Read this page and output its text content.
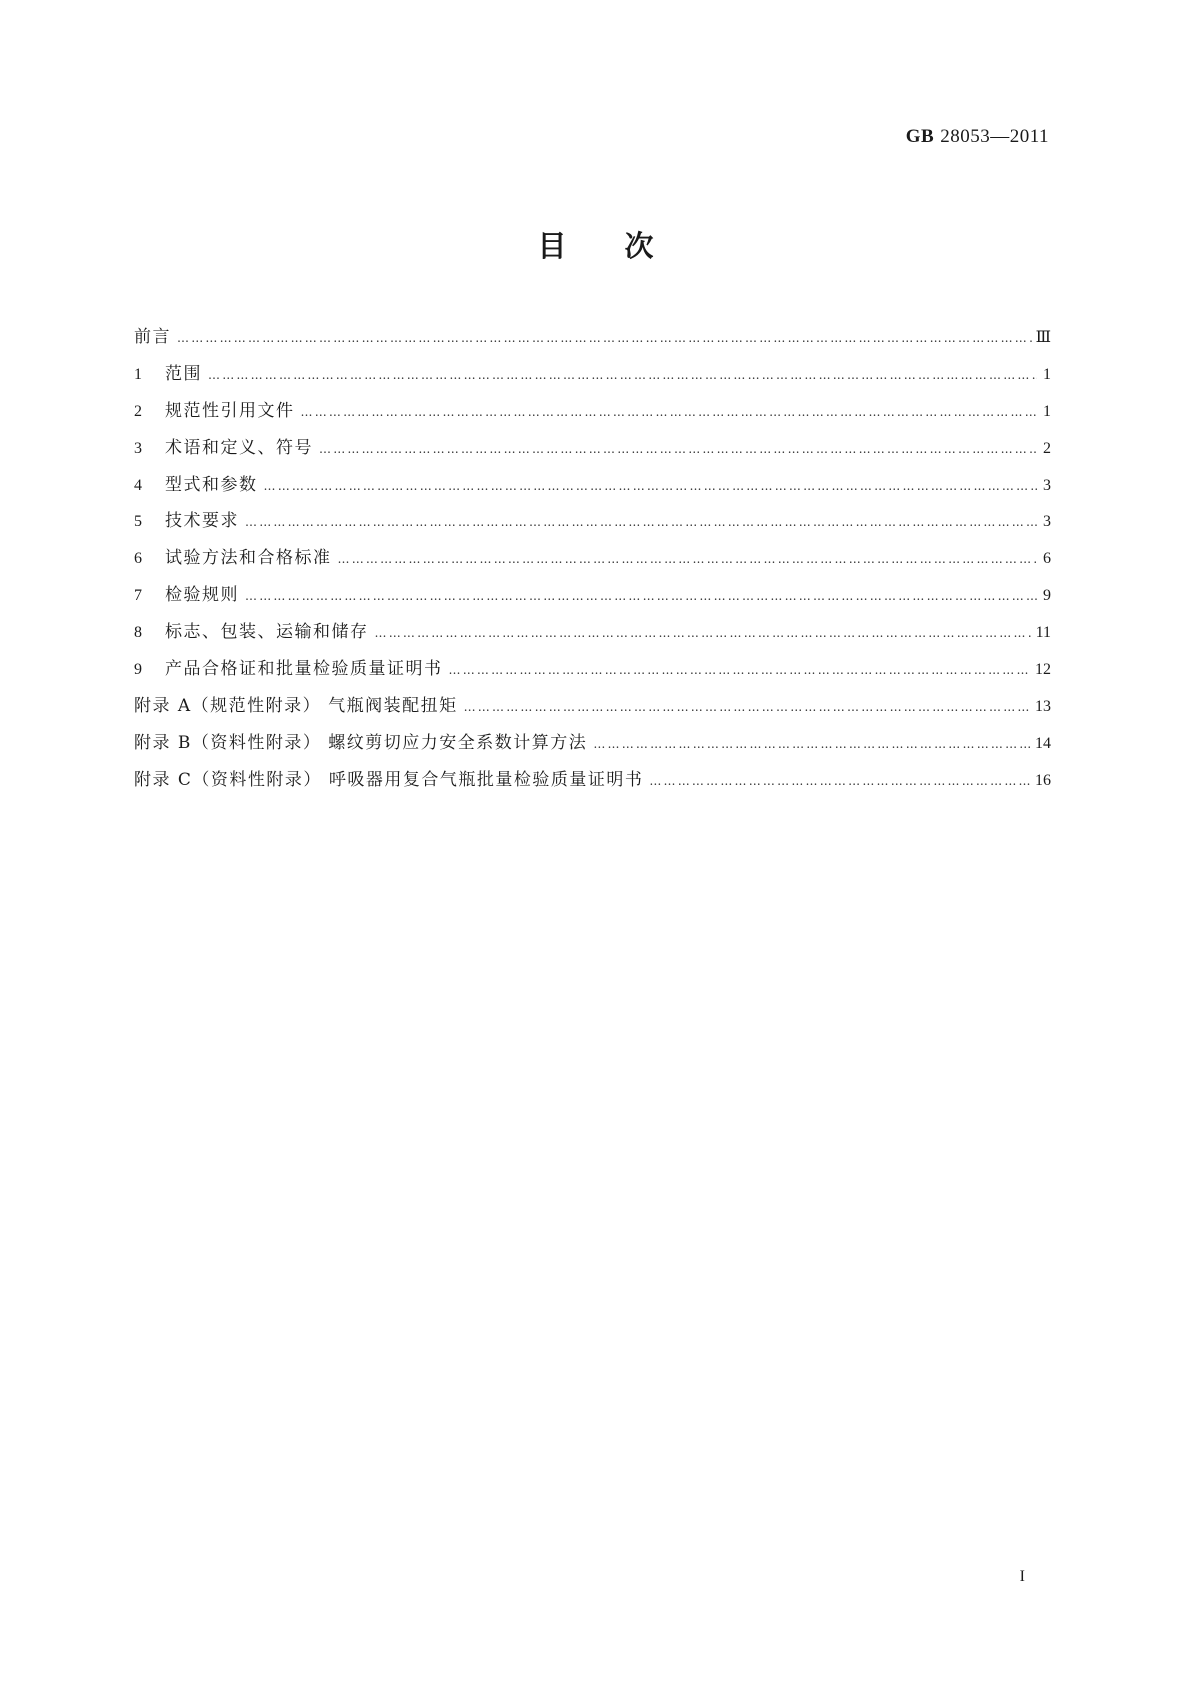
GB 28053—2011
目次
前言 …………………………………………………………………………………………………………………………………………………………………………………………………………………………………	Ⅲ
1	范围 …………………………………………………………………………………………………………………………………………………………………………………………………………………………………	1
2	规范性引用文件 …………………………………………………………………………………………………………………………………………………………………………………………………………………………………	1
3	术语和定义、符号 …………………………………………………………………………………………………………………………………………………………………………………………………………………………………	2
4	型式和参数 …………………………………………………………………………………………………………………………………………………………………………………………………………………………………	3
5	技术要求 …………………………………………………………………………………………………………………………………………………………………………………………………………………………………	3
6	试验方法和合格标准 …………………………………………………………………………………………………………………………………………………………………………………………………………………………………	6
7	检验规则 …………………………………………………………………………………………………………………………………………………………………………………………………………………………………	9
8	标志、包装、运输和储存 …………………………………………………………………………………………………………………………………………………………………………………………………………………………………	11
9	产品合格证和批量检验质量证明书 …………………………………………………………………………………………………………………………………………………………………………………………………………………………………	12
附录 A（规范性附录） 气瓶阀装配扭矩 …………………………………………………………………………………………………………………………………………………………………………………………………………………………………	13
附录 B（资料性附录） 螺纹剪切应力安全系数计算方法 …………………………………………………………………………………………………………………………………………………………………………………………………………………………………	14
附录 C（资料性附录） 呼吸器用复合气瓶批量检验质量证明书 …………………………………………………………………………………………………………………………………………………………………………………………………………………………………	16
I
